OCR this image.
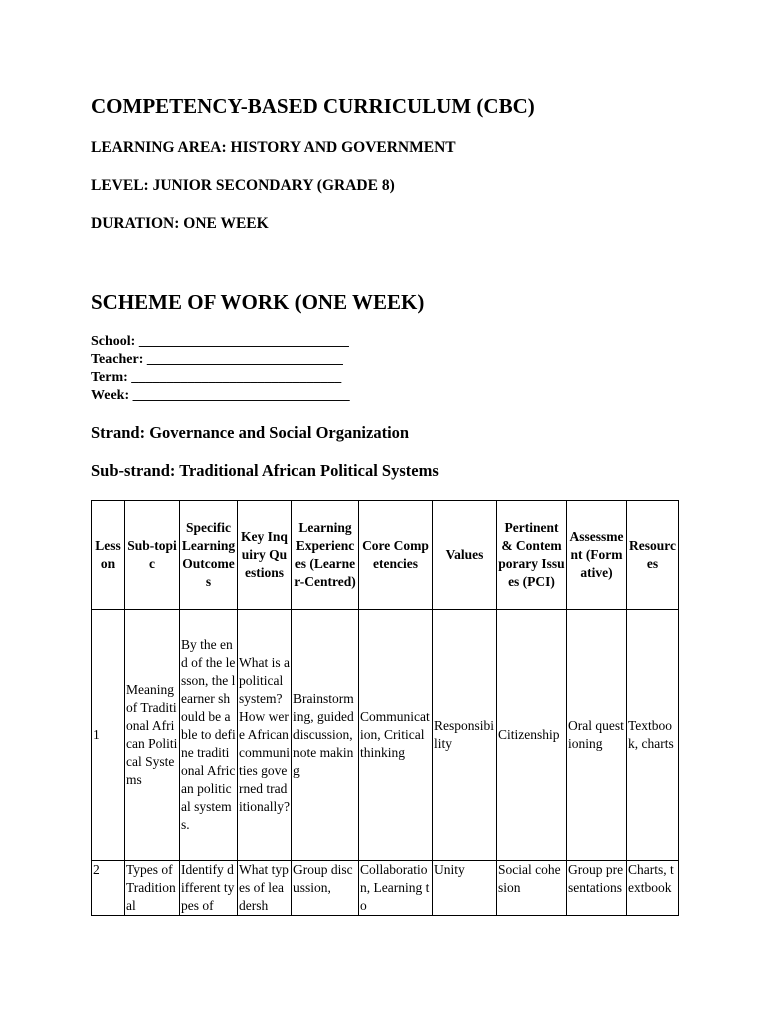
COMPETENCY-BASED CURRICULUM (CBC)
LEARNING AREA: HISTORY AND GOVERNMENT
LEVEL: JUNIOR SECONDARY (GRADE 8)
DURATION: ONE WEEK
SCHEME OF WORK (ONE WEEK)
School: ______________________________
Teacher: ____________________________
Term: ______________________________
Week: _______________________________
Strand: Governance and Social Organization
Sub-strand: Traditional African Political Systems
Lesson	Sub-topic	Specific Learning Outcomes	Key Inquiry Questions	Learning Experiences (Learner-Centred)	Core Competencies	Values	Pertinent & Contemporary Issues (PCI)	Assessment (Formative)	Resources
1	Meaning of Traditional African Political Systems	By the end of the lesson, the learner should be able to define traditional African political systems.	What is a political system? How were African communities governed traditionally?	Brainstorming, guided discussion, note making	Communication, Critical thinking	Responsibility	Citizenship	Oral questioning	Textbook, charts
2	Types of Traditional	Identify different types of	What types of leadersh	Group discussion,	Collaboration, Learning to	Unity	Social cohesion	Group presentations	Charts, textbook
